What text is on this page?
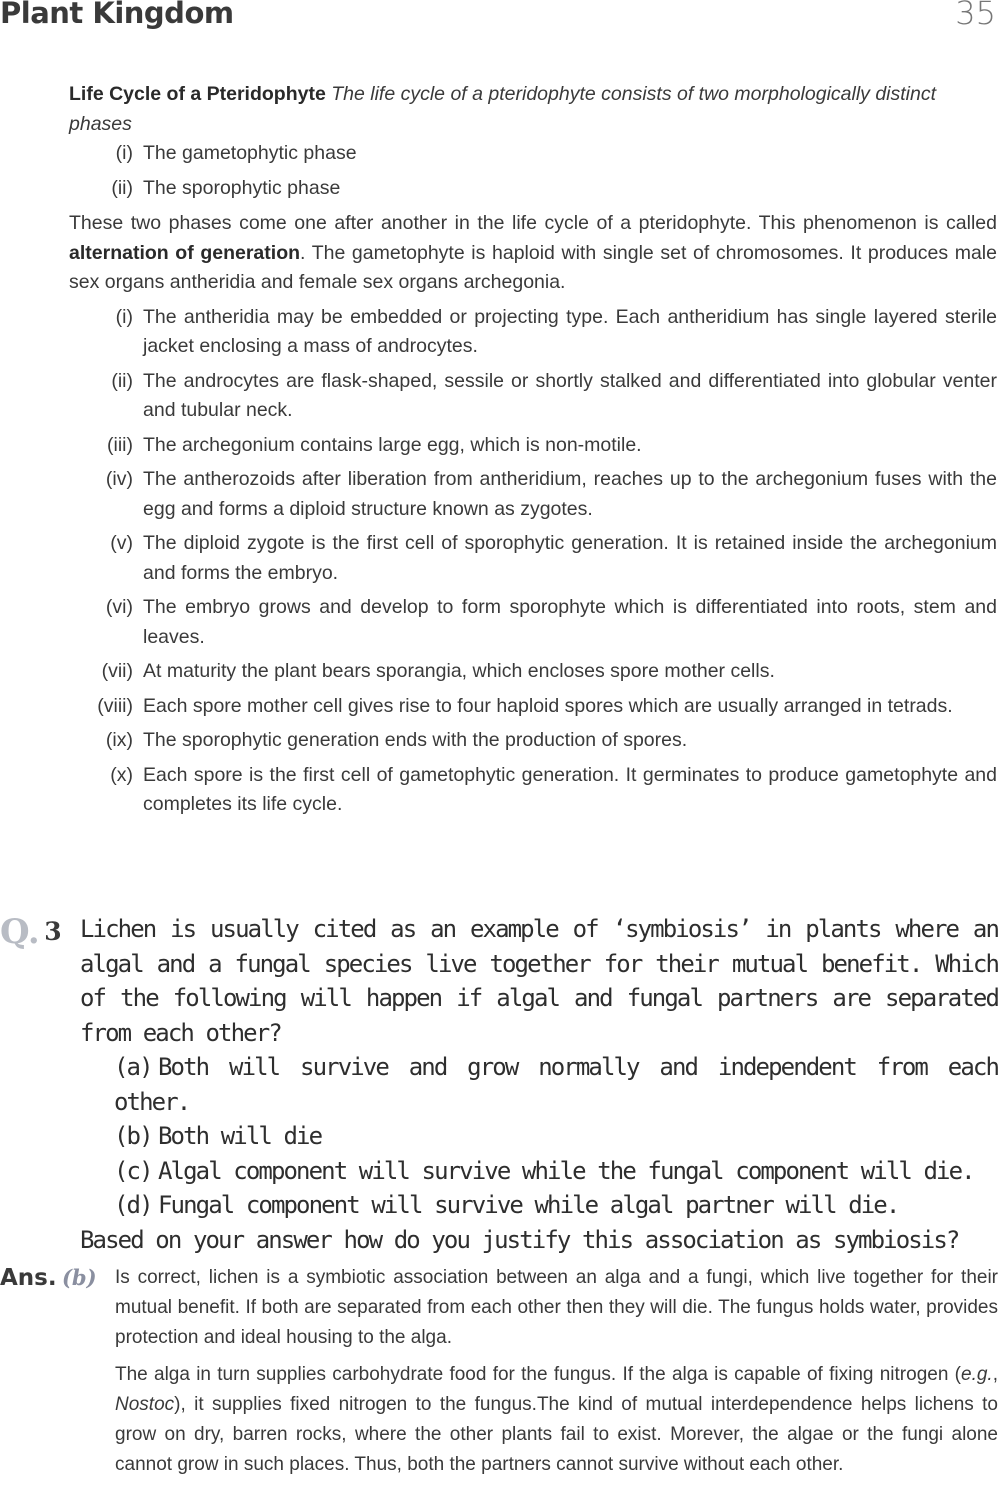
Plant Kingdom	35
Life Cycle of a Pteridophyte The life cycle of a pteridophyte consists of two morphologically distinct phases
(i) The gametophytic phase
(ii) The sporophytic phase
These two phases come one after another in the life cycle of a pteridophyte. This phenomenon is called alternation of generation. The gametophyte is haploid with single set of chromosomes. It produces male sex organs antheridia and female sex organs archegonia.
(i) The antheridia may be embedded or projecting type. Each antheridium has single layered sterile jacket enclosing a mass of androcytes.
(ii) The androcytes are flask-shaped, sessile or shortly stalked and differentiated into globular venter and tubular neck.
(iii) The archegonium contains large egg, which is non-motile.
(iv) The antherozoids after liberation from antheridium, reaches up to the archegonium fuses with the egg and forms a diploid structure known as zygotes.
(v) The diploid zygote is the first cell of sporophytic generation. It is retained inside the archegonium and forms the embryo.
(vi) The embryo grows and develop to form sporophyte which is differentiated into roots, stem and leaves.
(vii) At maturity the plant bears sporangia, which encloses spore mother cells.
(viii) Each spore mother cell gives rise to four haploid spores which are usually arranged in tetrads.
(ix) The sporophytic generation ends with the production of spores.
(x) Each spore is the first cell of gametophytic generation. It germinates to produce gametophyte and completes its life cycle.
Q. 3 Lichen is usually cited as an example of ‘symbiosis’ in plants where an algal and a fungal species live together for their mutual benefit. Which of the following will happen if algal and fungal partners are separated from each other?
(a) Both will survive and grow normally and independent from each other.
(b) Both will die
(c) Algal component will survive while the fungal component will die.
(d) Fungal component will survive while algal partner will die.
Based on your answer how do you justify this association as symbiosis?
Ans. (b) Is correct, lichen is a symbiotic association between an alga and a fungi, which live together for their mutual benefit. If both are separated from each other then they will die. The fungus holds water, provides protection and ideal housing to the alga.

The alga in turn supplies carbohydrate food for the fungus. If the alga is capable of fixing nitrogen (e.g., Nostoc), it supplies fixed nitrogen to the fungus.The kind of mutual interdependence helps lichens to grow on dry, barren rocks, where the other plants fail to exist. Morever, the algae or the fungi alone cannot grow in such places. Thus, both the partners cannot survive without each other.
